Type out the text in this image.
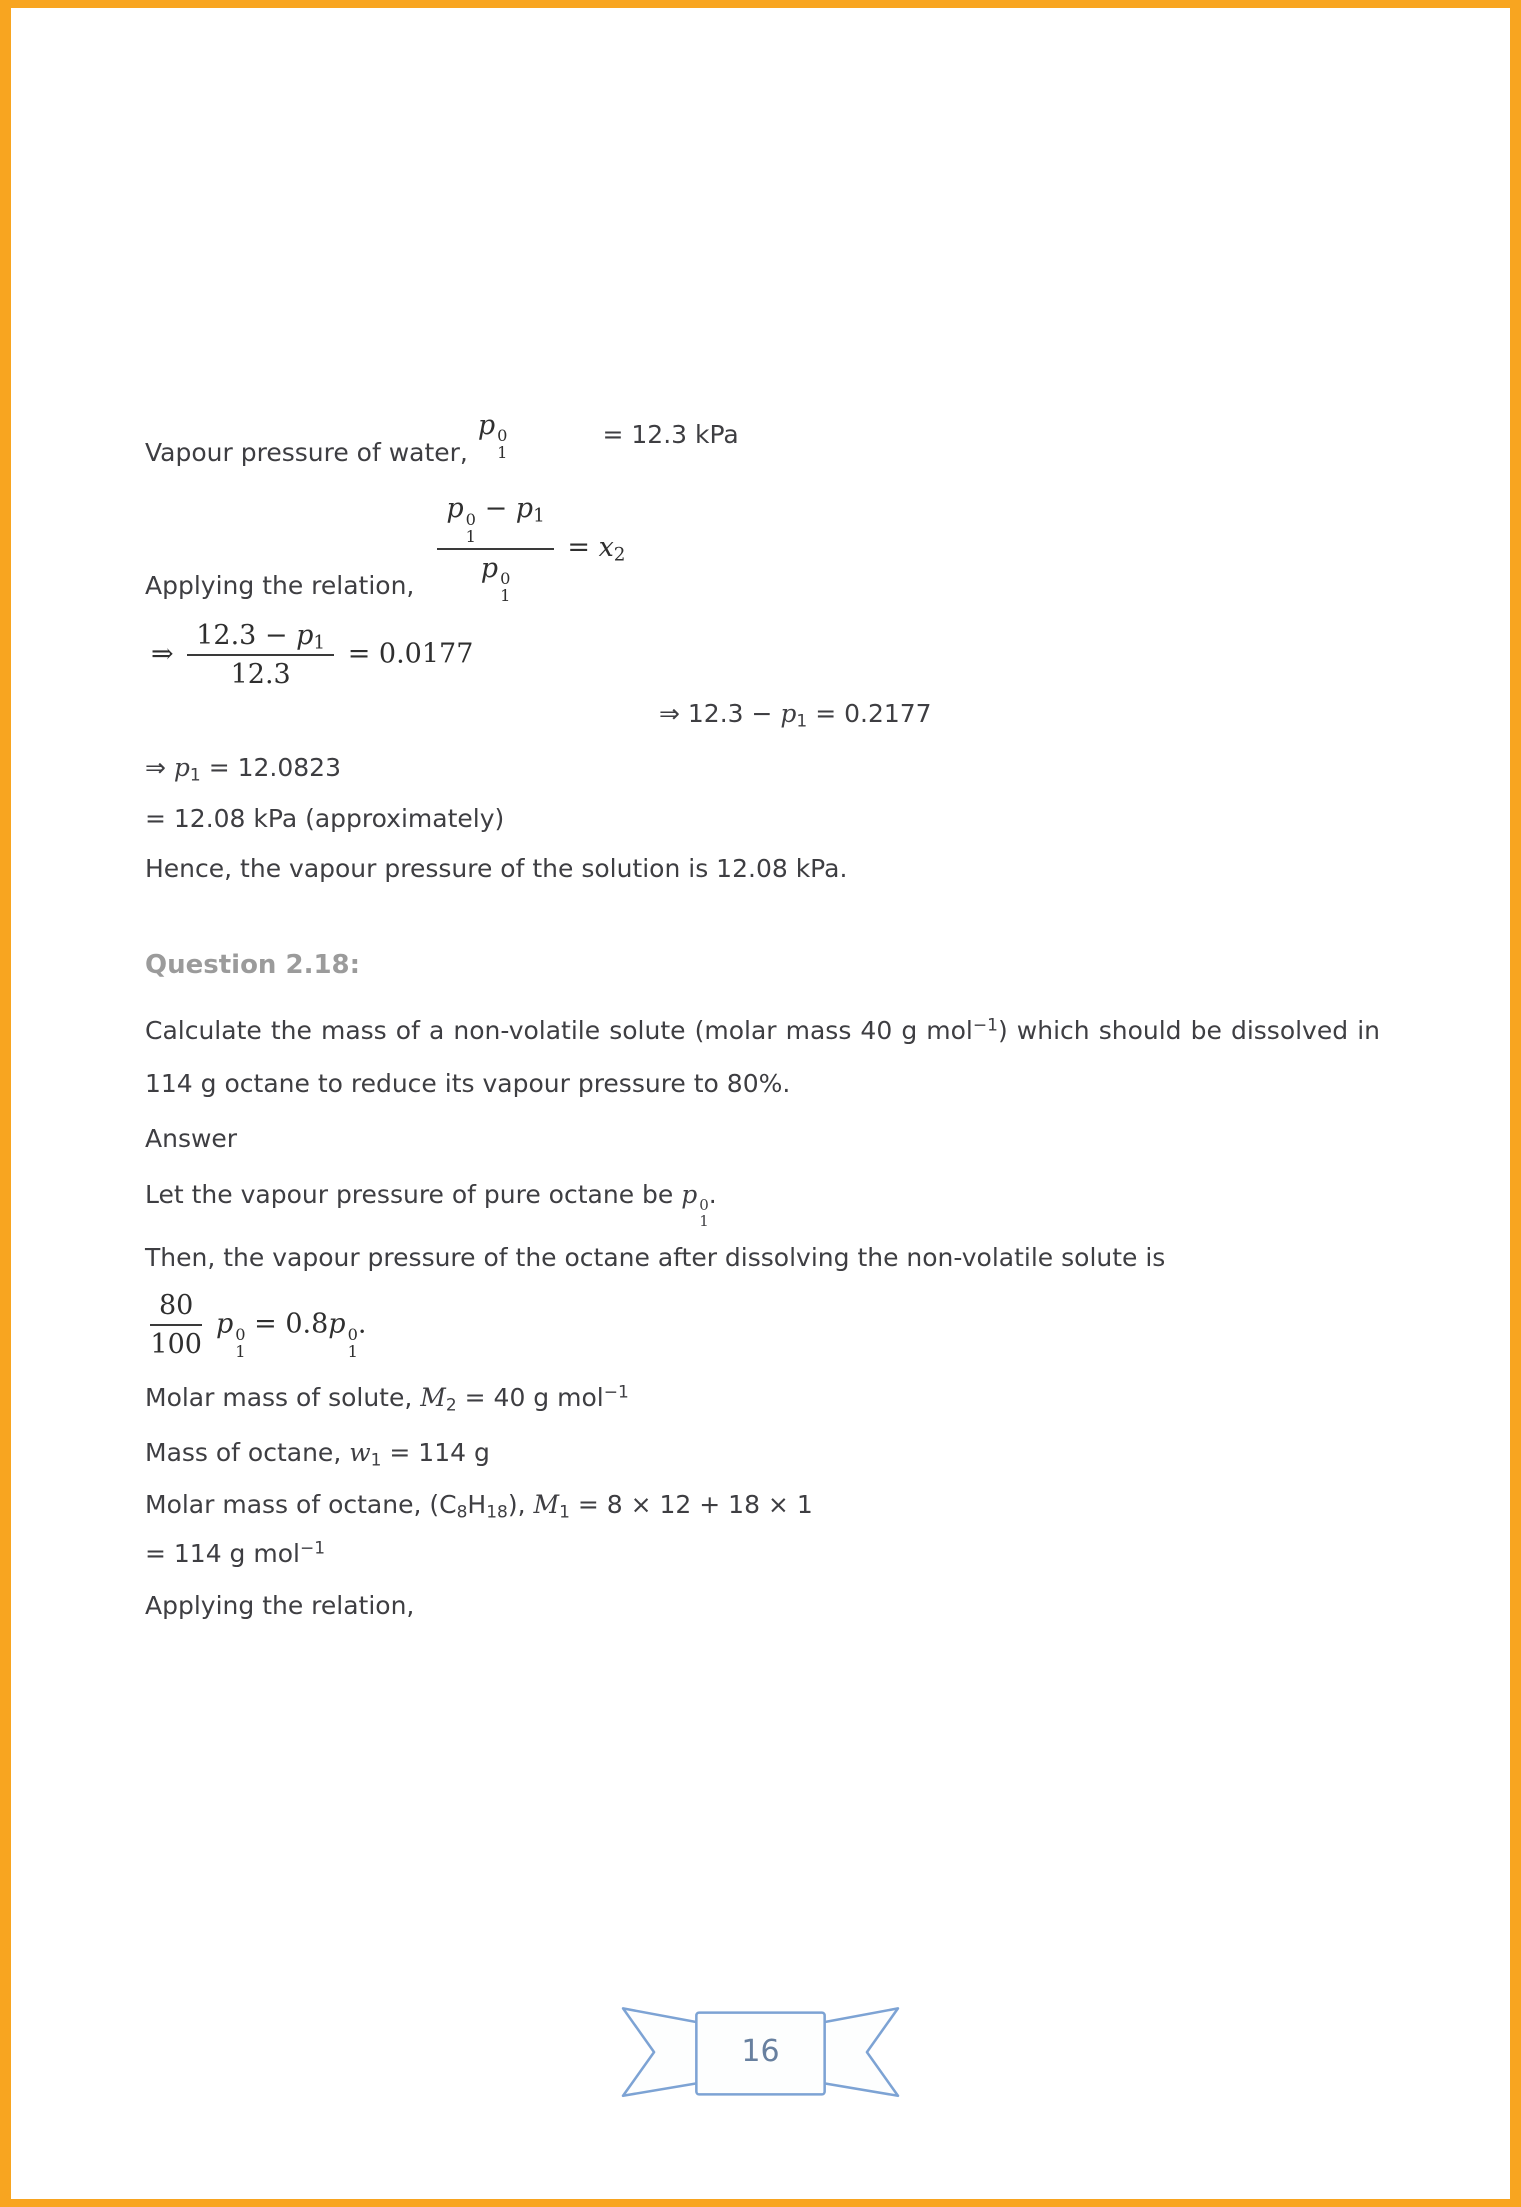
Vapour pressure of water,
p 0
1
= 12.3 kPa
Applying the relation, p 0
1
− $p_1$
p 0
$1 = x_2$
⇒ $\frac{12.3 - p_1}{12.3} = 0.0177$
⇒ $12.3 - p_1 = 0.2177$
⇒ $p_1 = 12.0823$
= 12.08 kPa (approximately)
Hence, the vapour pressure of the solution is 12.08 kPa.
Question 2.18:
Calculate the mass of a non-volatile solute (molar mass 40 g mol$^{-1}$) which should be dissolved in 114 g octane to reduce its vapour pressure to 80%.
Answer
Let the vapour pressure of pure octane be p 0
1
.
Then, the vapour pressure of the octane after dissolving the non-volatile solute is
$\frac{80}{100}$ p 0
1
= 0.8p 0
1
.
Molar mass of solute, $M_2 = 40$ g mol$^{-1}$
Mass of octane, $w_1 = 114$ g
Molar mass of octane, $(C_8H_{18})$, $M_1 = 8 \times 12 + 18 \times 1$
= 114 g mol$^{-1}$
Applying the relation,
16
